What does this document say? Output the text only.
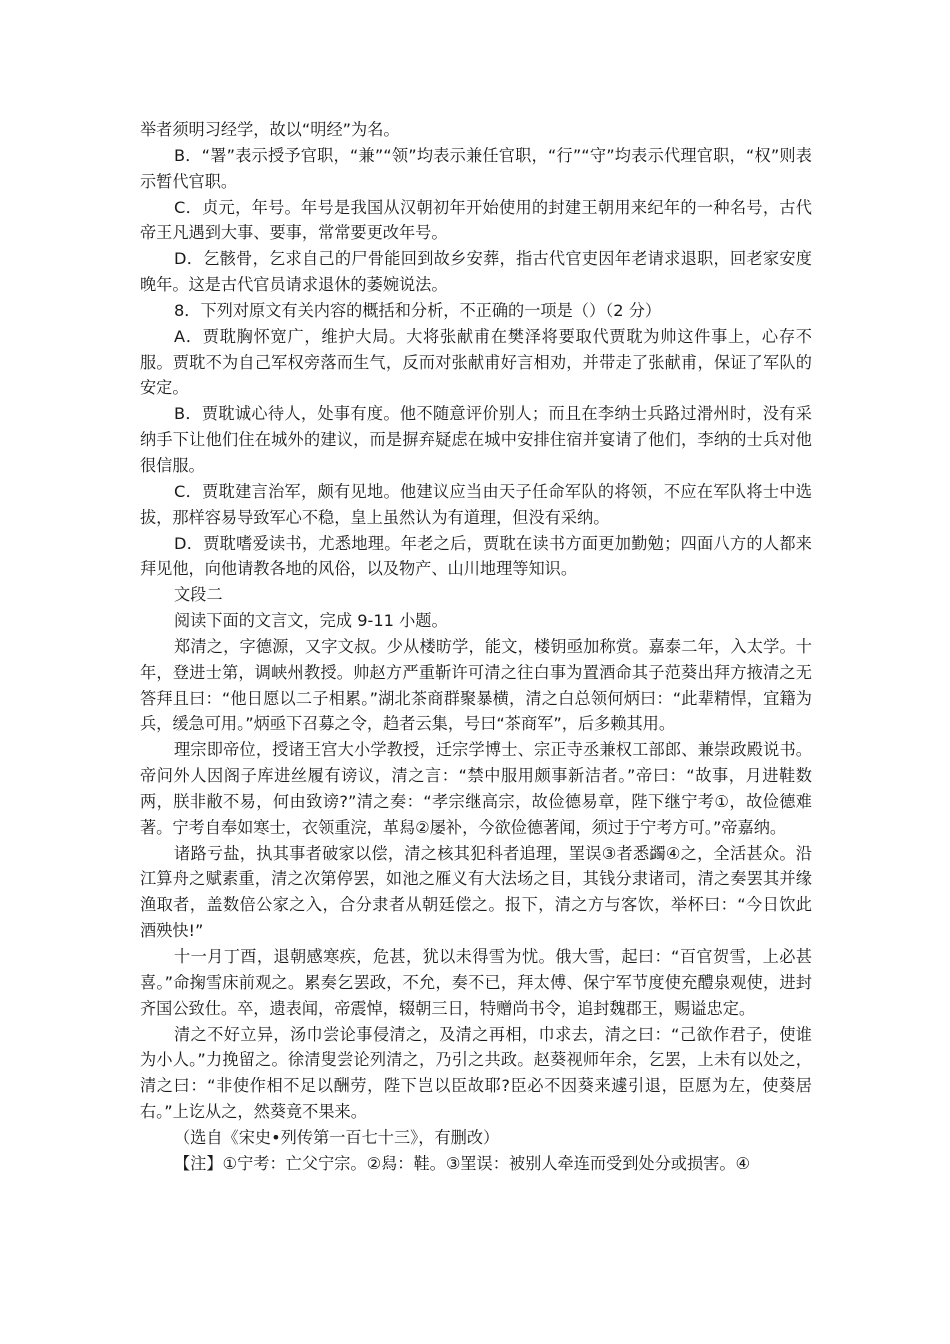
举者须明习经学，故以“明经”为名。

B．“署”表示授予官职，“兼”“领”均表示兼任官职，“行”“守”均表示代理官职，“权”则表示暂代官职。

C．贞元，年号。年号是我国从汉朝初年开始使用的封建王朝用来纪年的一种名号，古代帝王凡遇到大事、要事，常常要更改年号。

D．乞骸骨，乞求自己的尸骨能回到故乡安葬，指古代官吏因年老请求退职，回老家安度晚年。这是古代官员请求退休的萎婉说法。

8．下列对原文有关内容的概括和分析，不正确的一项是（）（2 分）

A．贾耽胸怀宽广，维护大局。大将张献甫在樊泽将要取代贾耽为帅这件事上，心存不服。贾耽不为自己军权旁落而生气，反而对张献甫好言相劝，并带走了张献甫，保证了军队的安定。

B．贾耽诚心待人，处事有度。他不随意评价别人；而且在李纳士兵路过滑州时，没有采纳手下让他们住在城外的建议，而是摒弃疑虑在城中安排住宿并宴请了他们，李纳的士兵对他很信服。

C．贾耽建言治军，颇有见地。他建议应当由天子任命军队的将领，不应在军队将士中选拔，那样容易导致军心不稳，皇上虽然认为有道理，但没有采纳。

D．贾耽嗜爱读书，尤悉地理。年老之后，贾耽在读书方面更加勤勉；四面八方的人都来拜见他，向他请教各地的风俗，以及物产、山川地理等知识。

文段二

阅读下面的文言文，完成 9-11 小题。

郑清之，字德源，又字文叔。少从楼昉学，能文，楼钥亟加称赏。嘉泰二年，入太学。十年，登进士第，调峡州教授。帅赵方严重靳许可清之往白事为置酒命其子范葵出拜方掖清之无答拜且曰：“他日愿以二子相累。”湖北茶商群聚暴横，清之白总领何炳曰：“此辈精悍，宜籍为兵，缓急可用。”炳亟下召募之令，趋者云集，号曰“茶商军”，后多赖其用。

理宗即帝位，授诸王宫大小学教授，迁宗学博士、宗正寺丞兼权工部郎、兼崇政殿说书。帝问外人因阁子库进丝履有谤议，清之言：“禁中服用颇事新洁者。”帝曰：“故事，月进鞋数两，朕非敝不易，何由致谤?”清之奏：“孝宗继高宗，故俭德易章，陛下继宁考①，故俭德难著。宁考自奉如寒士，衣领重浣，革舄②屡补，今欲俭德著闻，须过于宁考方可。”帝嘉纳。

诸路亏盐，执其事者破家以偿，清之核其犯科者追理，罣误③者悉蠲④之，全活甚众。沿江算舟之赋素重，清之次第停罢，如池之雁义有大法场之目，其钱分隶诸司，清之奏罢其并缘渔取者，盖数倍公家之入，合分隶者从朝廷偿之。报下，清之方与客饮，举杯曰：“今日饮此酒殃快!”

十一月丁酉，退朝感寒疾，危甚，犹以未得雪为忧。俄大雪，起曰：“百官贺雪，上必甚喜。”命掬雪床前观之。累奏乞罢政，不允，奏不已，拜太傅、保宁军节度使充醴泉观使，进封齐国公致仕。卒，遗表闻，帝震悼，辍朝三日，特赠尚书令，追封魏郡王，赐谥忠定。

清之不好立异，汤巾尝论事侵清之，及清之再相，巾求去，清之曰：“己欲作君子，使谁为小人。”力挽留之。徐清叟尝论列清之，乃引之共政。赵葵视师年余，乞罢，上未有以处之，清之曰：“非使作相不足以酬劳，陛下岂以臣故耶?臣必不因葵来遽引退，臣愿为左，使葵居右。”上讫从之，然葵竟不果来。

（选自《宋史•列传第一百七十三》，有删改）

【注】①宁考：亡父宁宗。②舄：鞋。③罣误：被别人牵连而受到处分或损害。④
